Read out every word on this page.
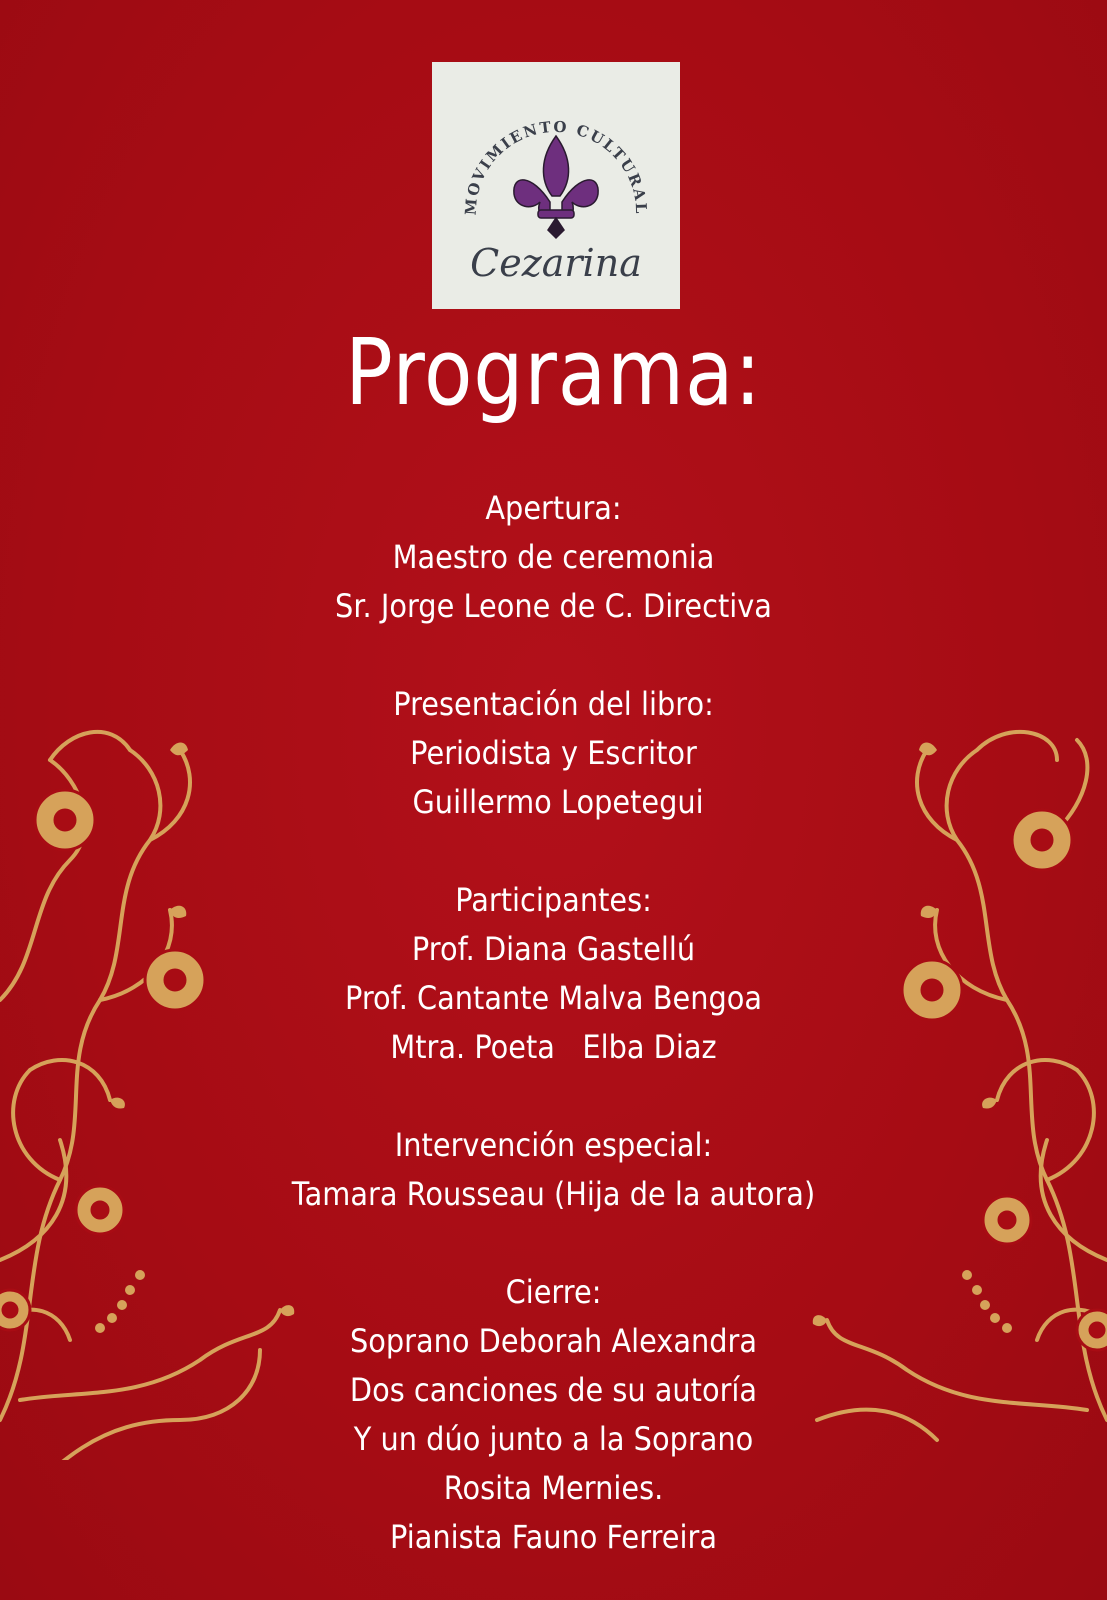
MOVIMIENTO CULTURAL
Cezarina
Programa:
Apertura:
Maestro de ceremonia
Sr. Jorge Leone de C. Directiva
Presentación del libro:
Periodista y Escritor
Guillermo Lopetegui
Participantes:
Prof. Diana Gastellú
Prof. Cantante Malva Bengoa
Mtra. Poeta   Elba Diaz
Intervención especial:
Tamara Rousseau (Hija de la autora)
Cierre:
Soprano Deborah Alexandra
Dos canciones de su autoría
Y un dúo junto a la Soprano
Rosita Mernies.
Pianista Fauno Ferreira
